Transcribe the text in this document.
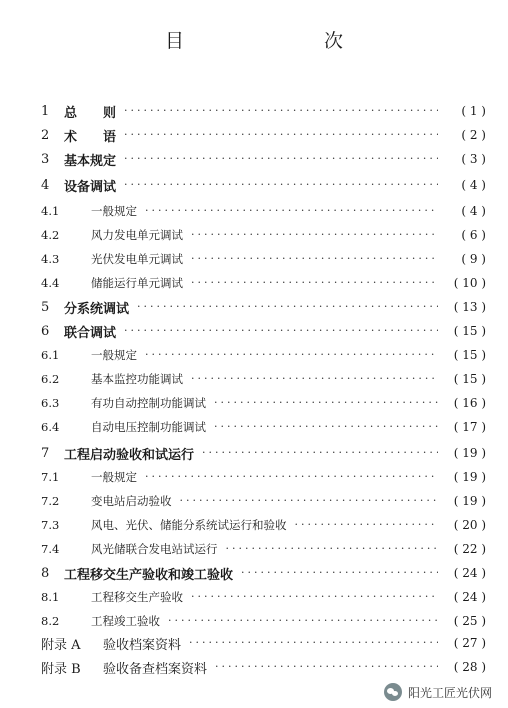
目　　次
1	总　　则 ·····	( 1 )
2	术　　语 ·····	( 2 )
3	基本规定 ·····	( 3 )
4	设备调试 ·····	( 4 )
4.1	一般规定 ·····	( 4 )
4.2	风力发电单元调试 ·····	( 6 )
4.3	光伏发电单元调试 ·····	( 9 )
4.4	储能运行单元调试 ·····	( 10 )
5	分系统调试 ·····	( 13 )
6	联合调试 ·····	( 15 )
6.1	一般规定 ·····	( 15 )
6.2	基本监控功能调试 ·····	( 15 )
6.3	有功自动控制功能调试 ·····	( 16 )
6.4	自动电压控制功能调试 ·····	( 17 )
7	工程启动验收和试运行 ·····	( 19 )
7.1	一般规定 ·····	( 19 )
7.2	变电站启动验收 ·····	( 19 )
7.3	风电、光伏、储能分系统试运行和验收 ·····	( 20 )
7.4	风光储联合发电站试运行 ·····	( 22 )
8	工程移交生产验收和竣工验收 ·····	( 24 )
8.1	工程移交生产验收 ·····	( 24 )
8.2	工程竣工验收 ·····	( 25 )
附录 A	验收档案资料 ·····	( 27 )
附录 B	验收备查档案资料 ·····	( 28 )
阳光工匠光伏网
